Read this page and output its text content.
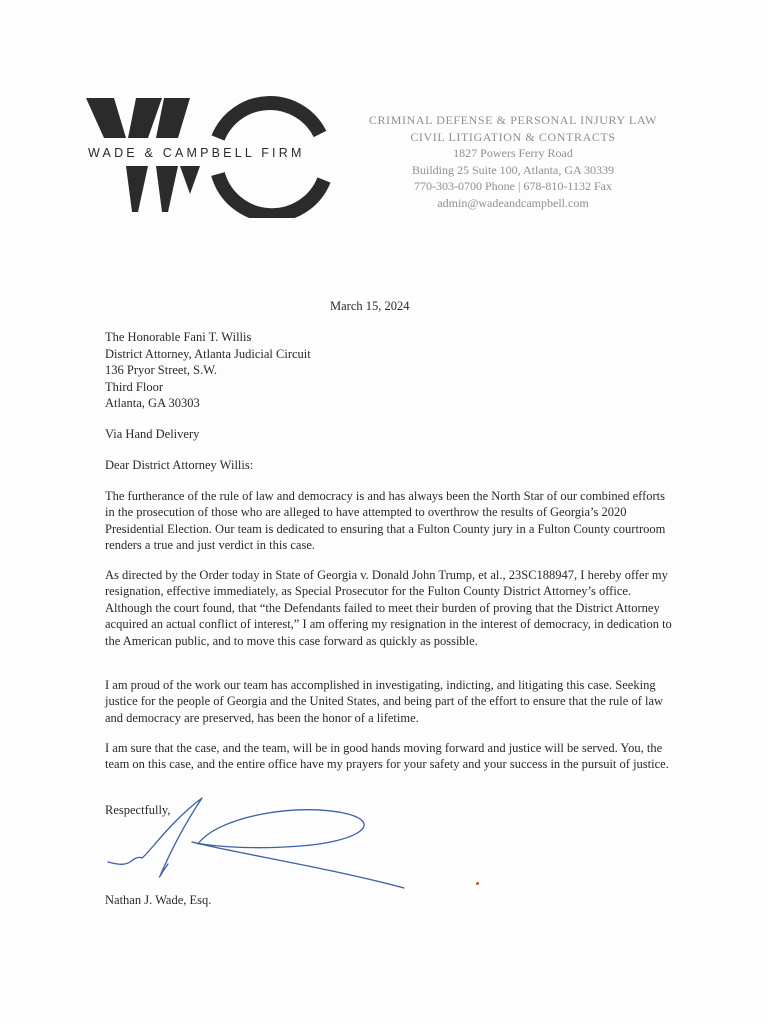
WADE & CAMPBELL FIRM
CRIMINAL DEFENSE & PERSONAL INJURY LAW
CIVIL LITIGATION & CONTRACTS
1827 Powers Ferry Road
Building 25 Suite 100, Atlanta, GA 30339
770-303-0700 Phone | 678-810-1132 Fax
admin@wadeandcampbell.com
March 15, 2024
The Honorable Fani T. Willis
District Attorney, Atlanta Judicial Circuit
136 Pryor Street, S.W.
Third Floor
Atlanta, GA 30303
Via Hand Delivery
Dear District Attorney Willis:
The furtherance of the rule of law and democracy is and has always been the North Star of our combined efforts in the prosecution of those who are alleged to have attempted to overthrow the results of Georgia’s 2020 Presidential Election. Our team is dedicated to ensuring that a Fulton County jury in a Fulton County courtroom renders a true and just verdict in this case.
As directed by the Order today in State of Georgia v. Donald John Trump, et al., 23SC188947, I hereby offer my resignation, effective immediately, as Special Prosecutor for the Fulton County District Attorney’s office. Although the court found, that “the Defendants failed to meet their burden of proving that the District Attorney acquired an actual conflict of interest,” I am offering my resignation in the interest of democracy, in dedication to the American public, and to move this case forward as quickly as possible.
I am proud of the work our team has accomplished in investigating, indicting, and litigating this case. Seeking justice for the people of Georgia and the United States, and being part of the effort to ensure that the rule of law and democracy are preserved, has been the honor of a lifetime.
I am sure that the case, and the team, will be in good hands moving forward and justice will be served. You, the team on this case, and the entire office have my prayers for your safety and your success in the pursuit of justice.
Respectfully,
Nathan J. Wade, Esq.
